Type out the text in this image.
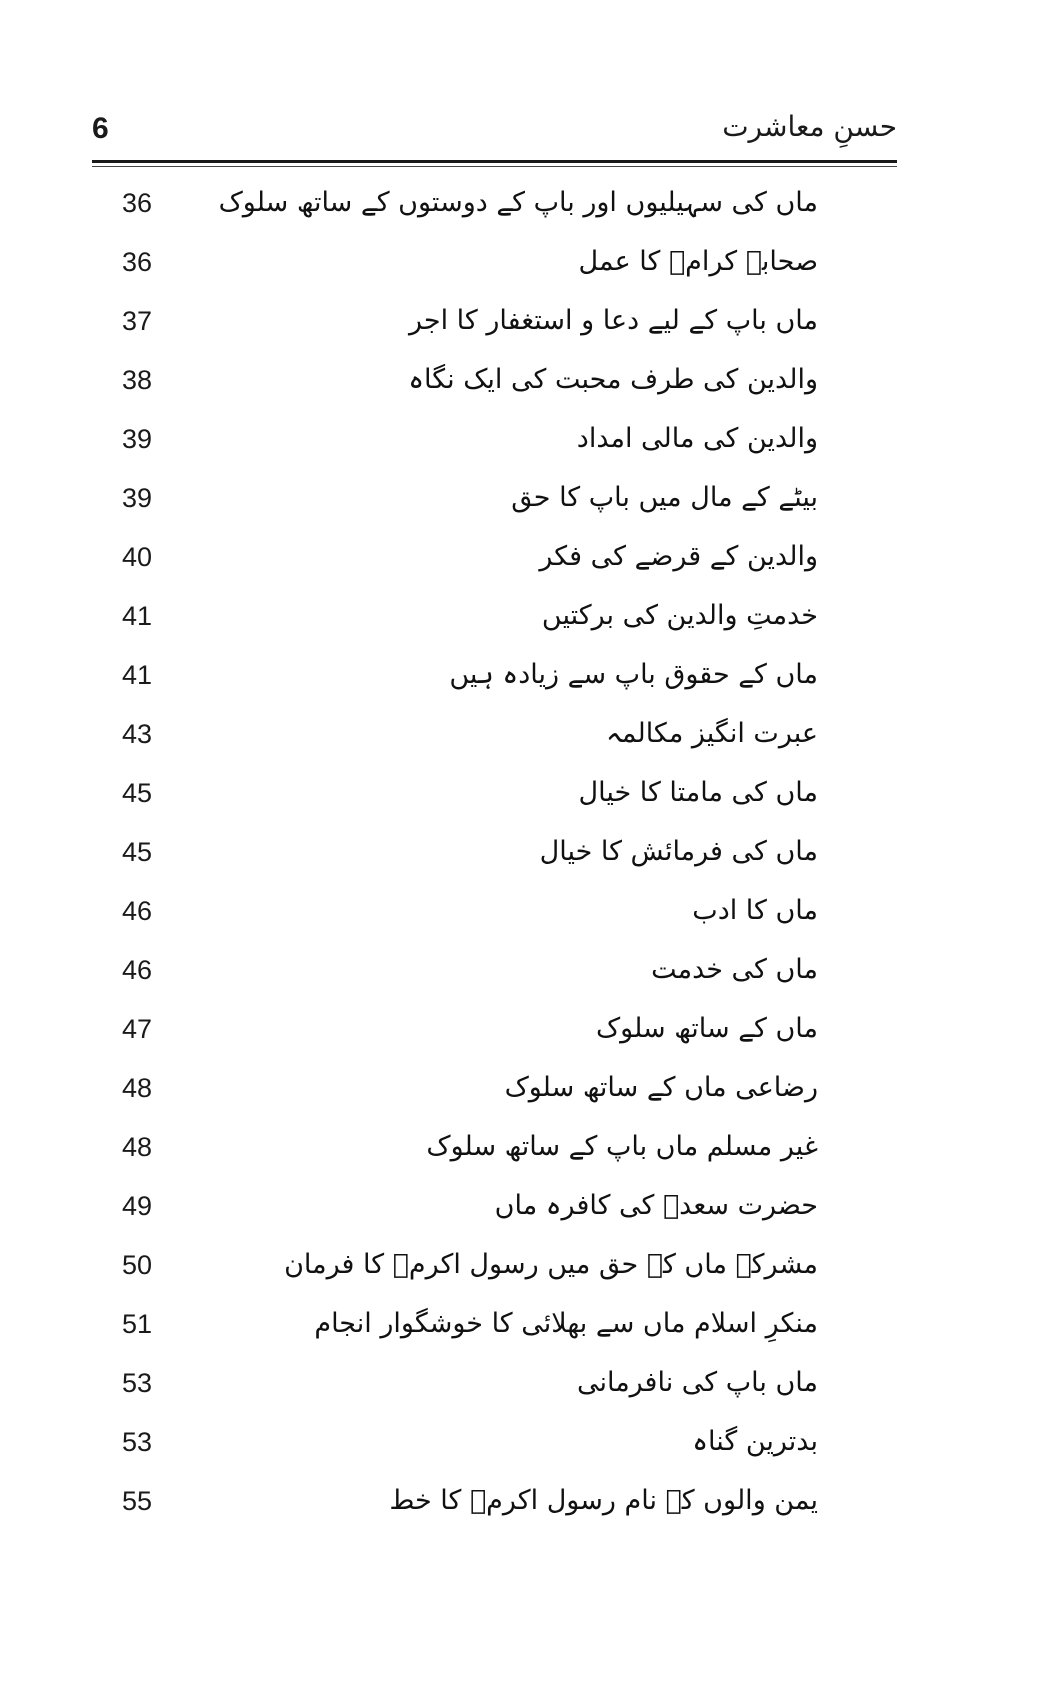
6	حسنِ معاشرت
ماں کی سہیلیوں اور باپ کے دوستوں کے ساتھ سلوک
36
صحابہ کرامؓ کا عمل
36
ماں باپ کے لیے دعا و استغفار کا اجر
37
والدین کی طرف محبت کی ایک نگاہ
38
والدین کی مالی امداد
39
بیٹے کے مال میں باپ کا حق
39
والدین کے قرضے کی فکر
40
خدمتِ والدین کی برکتیں
41
ماں کے حقوق باپ سے زیادہ ہیں
41
عبرت انگیز مکالمہ
43
ماں کی مامتا کا خیال
45
ماں کی فرمائش کا خیال
45
ماں کا ادب
46
ماں کی خدمت
46
ماں کے ساتھ سلوک
47
رضاعی ماں کے ساتھ سلوک
48
غیر مسلم ماں باپ کے ساتھ سلوک
48
حضرت سعدؓ کی کافرہ ماں
49
مشرکہ ماں کے حق میں رسول اکرمؐ کا فرمان
50
منکرِ اسلام ماں سے بھلائی کا خوشگوار انجام
51
ماں باپ کی نافرمانی
53
بدترین گناہ
53
یمن والوں کے نام رسول اکرمؐ کا خط
55
